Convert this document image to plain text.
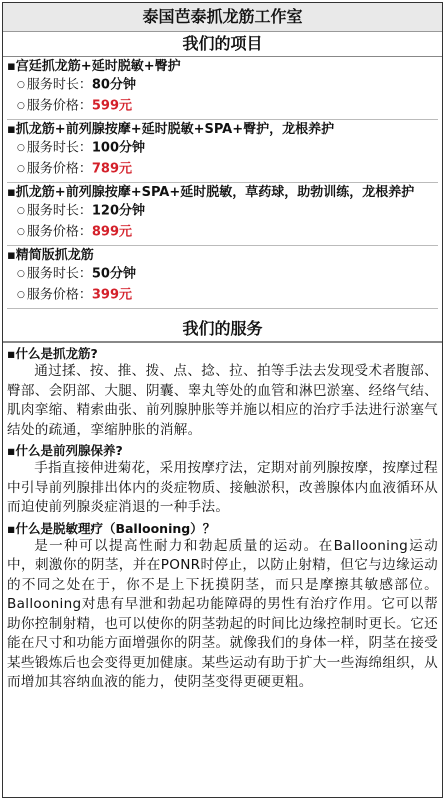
泰国芭泰抓龙筋工作室
我们的项目
▪宫廷抓龙筋+延时脱敏+臀护
○ 服务时长：80分钟
○ 服务价格：599元
▪抓龙筋+前列腺按摩+延时脱敏+SPA+臀护，龙根养护
○ 服务时长：100分钟
○ 服务价格：789元
▪抓龙筋+前列腺按摩+SPA+延时脱敏，草药球，助勃训练，龙根养护
○ 服务时长：120分钟
○ 服务价格：899元
▪精简版抓龙筋
○ 服务时长：50分钟
○ 服务价格：399元
我们的服务
▪什么是抓龙筋?
通过揉、按、推、拨、点、捻、拉、拍等手法去发现受术者腹部、臀部、会阴部、大腿、阴囊、睾丸等处的血管和淋巴淤塞、经络气结、肌肉挛缩、精索曲张、前列腺肿胀等并施以相应的治疗手法进行淤塞气结处的疏通，挛缩肿胀的消解。
▪什么是前列腺保养?
手指直接伸进菊花，采用按摩疗法，定期对前列腺按摩，按摩过程中引导前列腺排出体内的炎症物质、接触淤积，改善腺体内血液循环从而迫使前列腺炎症消退的一种手法。
▪什么是脱敏理疗（Ballooning）？
是一种可以提高性耐力和勃起质量的运动。在Ballooning运动中，刺激你的阴茎，并在PONR时停止，以防止射精，但它与边缘运动的不同之处在于，你不是上下抚摸阴茎，而只是摩擦其敏感部位。Ballooning对患有早泄和勃起功能障碍的男性有治疗作用。它可以帮助你控制射精，也可以使你的阴茎勃起的时间比边缘控制时更长。它还能在尺寸和功能方面增强你的阴茎。就像我们的身体一样，阴茎在接受某些锻炼后也会变得更加健康。某些运动有助于扩大一些海绵组织，从而增加其容纳血液的能力，使阴茎变得更硬更粗。
